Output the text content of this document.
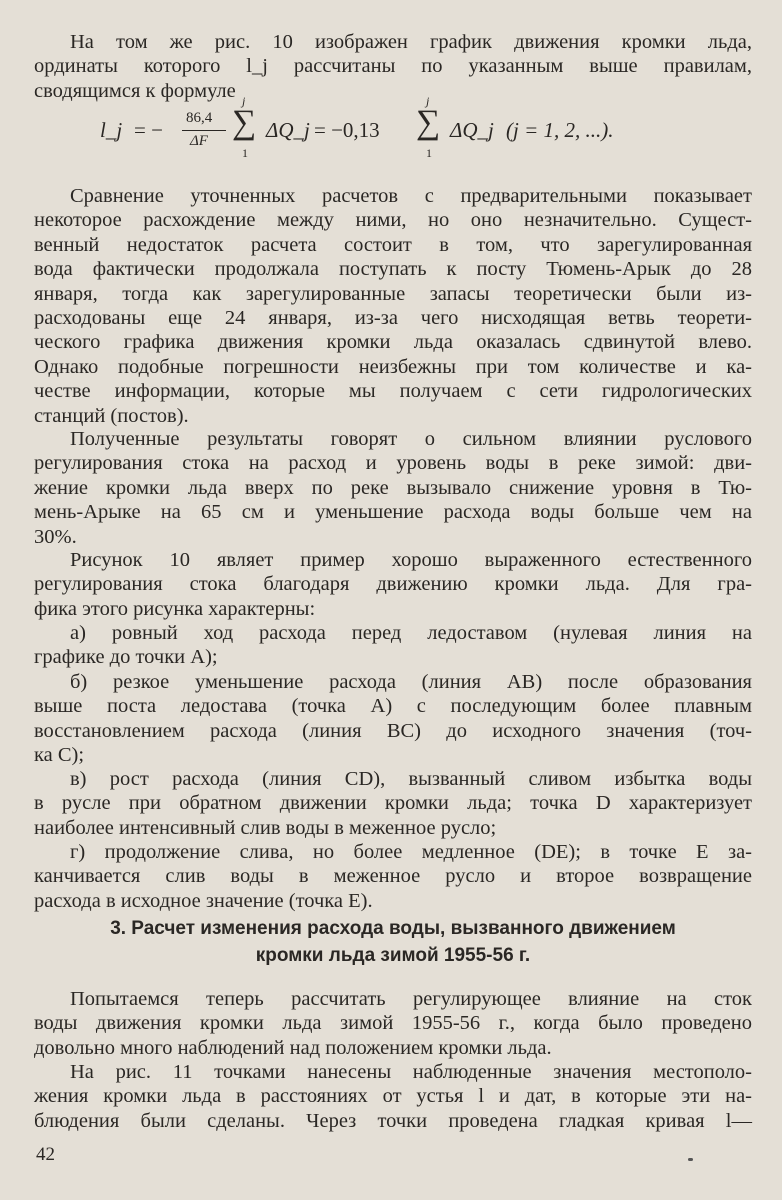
На том же рис. 10 изображен график движения кромки льда,
ординаты которого l_j рассчитаны по указанным выше правилам,
сводящимся к формуле
l_j = − 86,4
ΔF
j
∑
1
ΔQ_j = −0,13
j
∑
1
ΔQ_j (j = 1, 2, ...).
Сравнение уточненных расчетов с предварительными показывает
некоторое расхождение между ними, но оно незначительно. Сущест-
венный недостаток расчета состоит в том, что зарегулированная
вода фактически продолжала поступать к посту Тюмень-Арык до 28
января, тогда как зарегулированные запасы теоретически были из-
расходованы еще 24 января, из-за чего нисходящая ветвь теорети-
ческого графика движения кромки льда оказалась сдвинутой влево.
Однако подобные погрешности неизбежны при том количестве и ка-
честве информации, которые мы получаем с сети гидрологических
станций (постов).
Полученные результаты говорят о сильном влиянии руслового
регулирования стока на расход и уровень воды в реке зимой: дви-
жение кромки льда вверх по реке вызывало снижение уровня в Тю-
мень-Арыке на 65 см и уменьшение расхода воды больше чем на
30%.
Рисунок 10 являет пример хорошо выраженного естественного
регулирования стока благодаря движению кромки льда. Для гра-
фика этого рисунка характерны:
а) ровный ход расхода перед ледоставом (нулевая линия на
графике до точки A);
б) резкое уменьшение расхода (линия AB) после образования
выше поста ледостава (точка A) с последующим более плавным
восстановлением расхода (линия BC) до исходного значения (точ-
ка C);
в) рост расхода (линия CD), вызванный сливом избытка воды
в русле при обратном движении кромки льда; точка D характеризует
наиболее интенсивный слив воды в меженное русло;
г) продолжение слива, но более медленное (DE); в точке E за-
канчивается слив воды в меженное русло и второе возвращение
расхода в исходное значение (точка E).
3. Расчет изменения расхода воды, вызванного движением
кромки льда зимой 1955-56 г.
Попытаемся теперь рассчитать регулирующее влияние на сток
воды движения кромки льда зимой 1955-56 г., когда было проведено
довольно много наблюдений над положением кромки льда.
На рис. 11 точками нанесены наблюденные значения местополо-
жения кромки льда в расстояниях от устья l и дат, в которые эти на-
блюдения были сделаны. Через точки проведена гладкая кривая l—
42
